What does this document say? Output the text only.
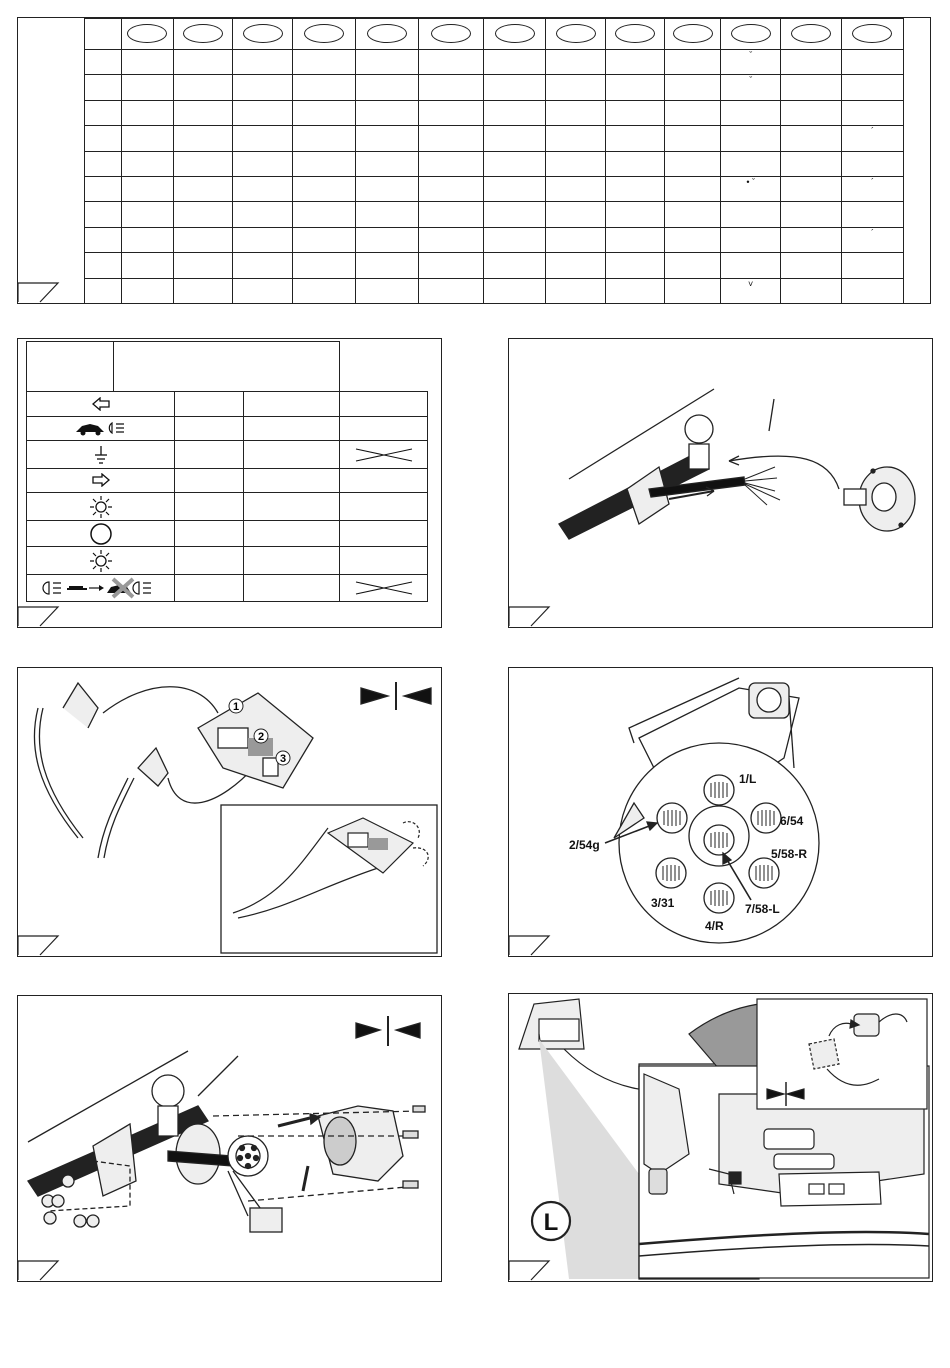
											ˇ		
											ˇ		

													´

											• ˇ		´

													´

											˅		

1
2
3
1/L
2/54g
3/31
4/R
5/58-R
6/54
7/58-L
L
